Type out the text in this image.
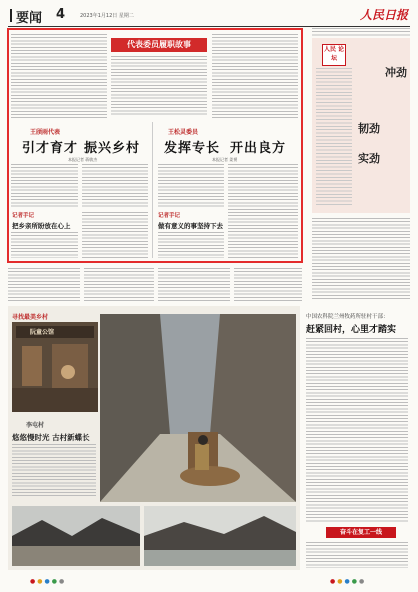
要闻 4	2023年1月12日 星期二	人民日报
代表委员履职故事
王颀雨代表
引才育才 振兴乡村
本报记者 蒋敏杰
记者手记
把乡亲所盼放在心上
王松灵委员
发挥专长 开出良方
本报记者 姜赟
记者手记
做有意义的事坚持下去
人民 论坛
冲劲
韧劲
实劲
寻找最美乡村
阮童公馆
李屯村
悠悠慢时光 古村新蝶长
中国农科院兰州牧药所驻村干部：
赶紧回村，心里才踏实
奋斗在复工一线
●●●●●	●●●●●
